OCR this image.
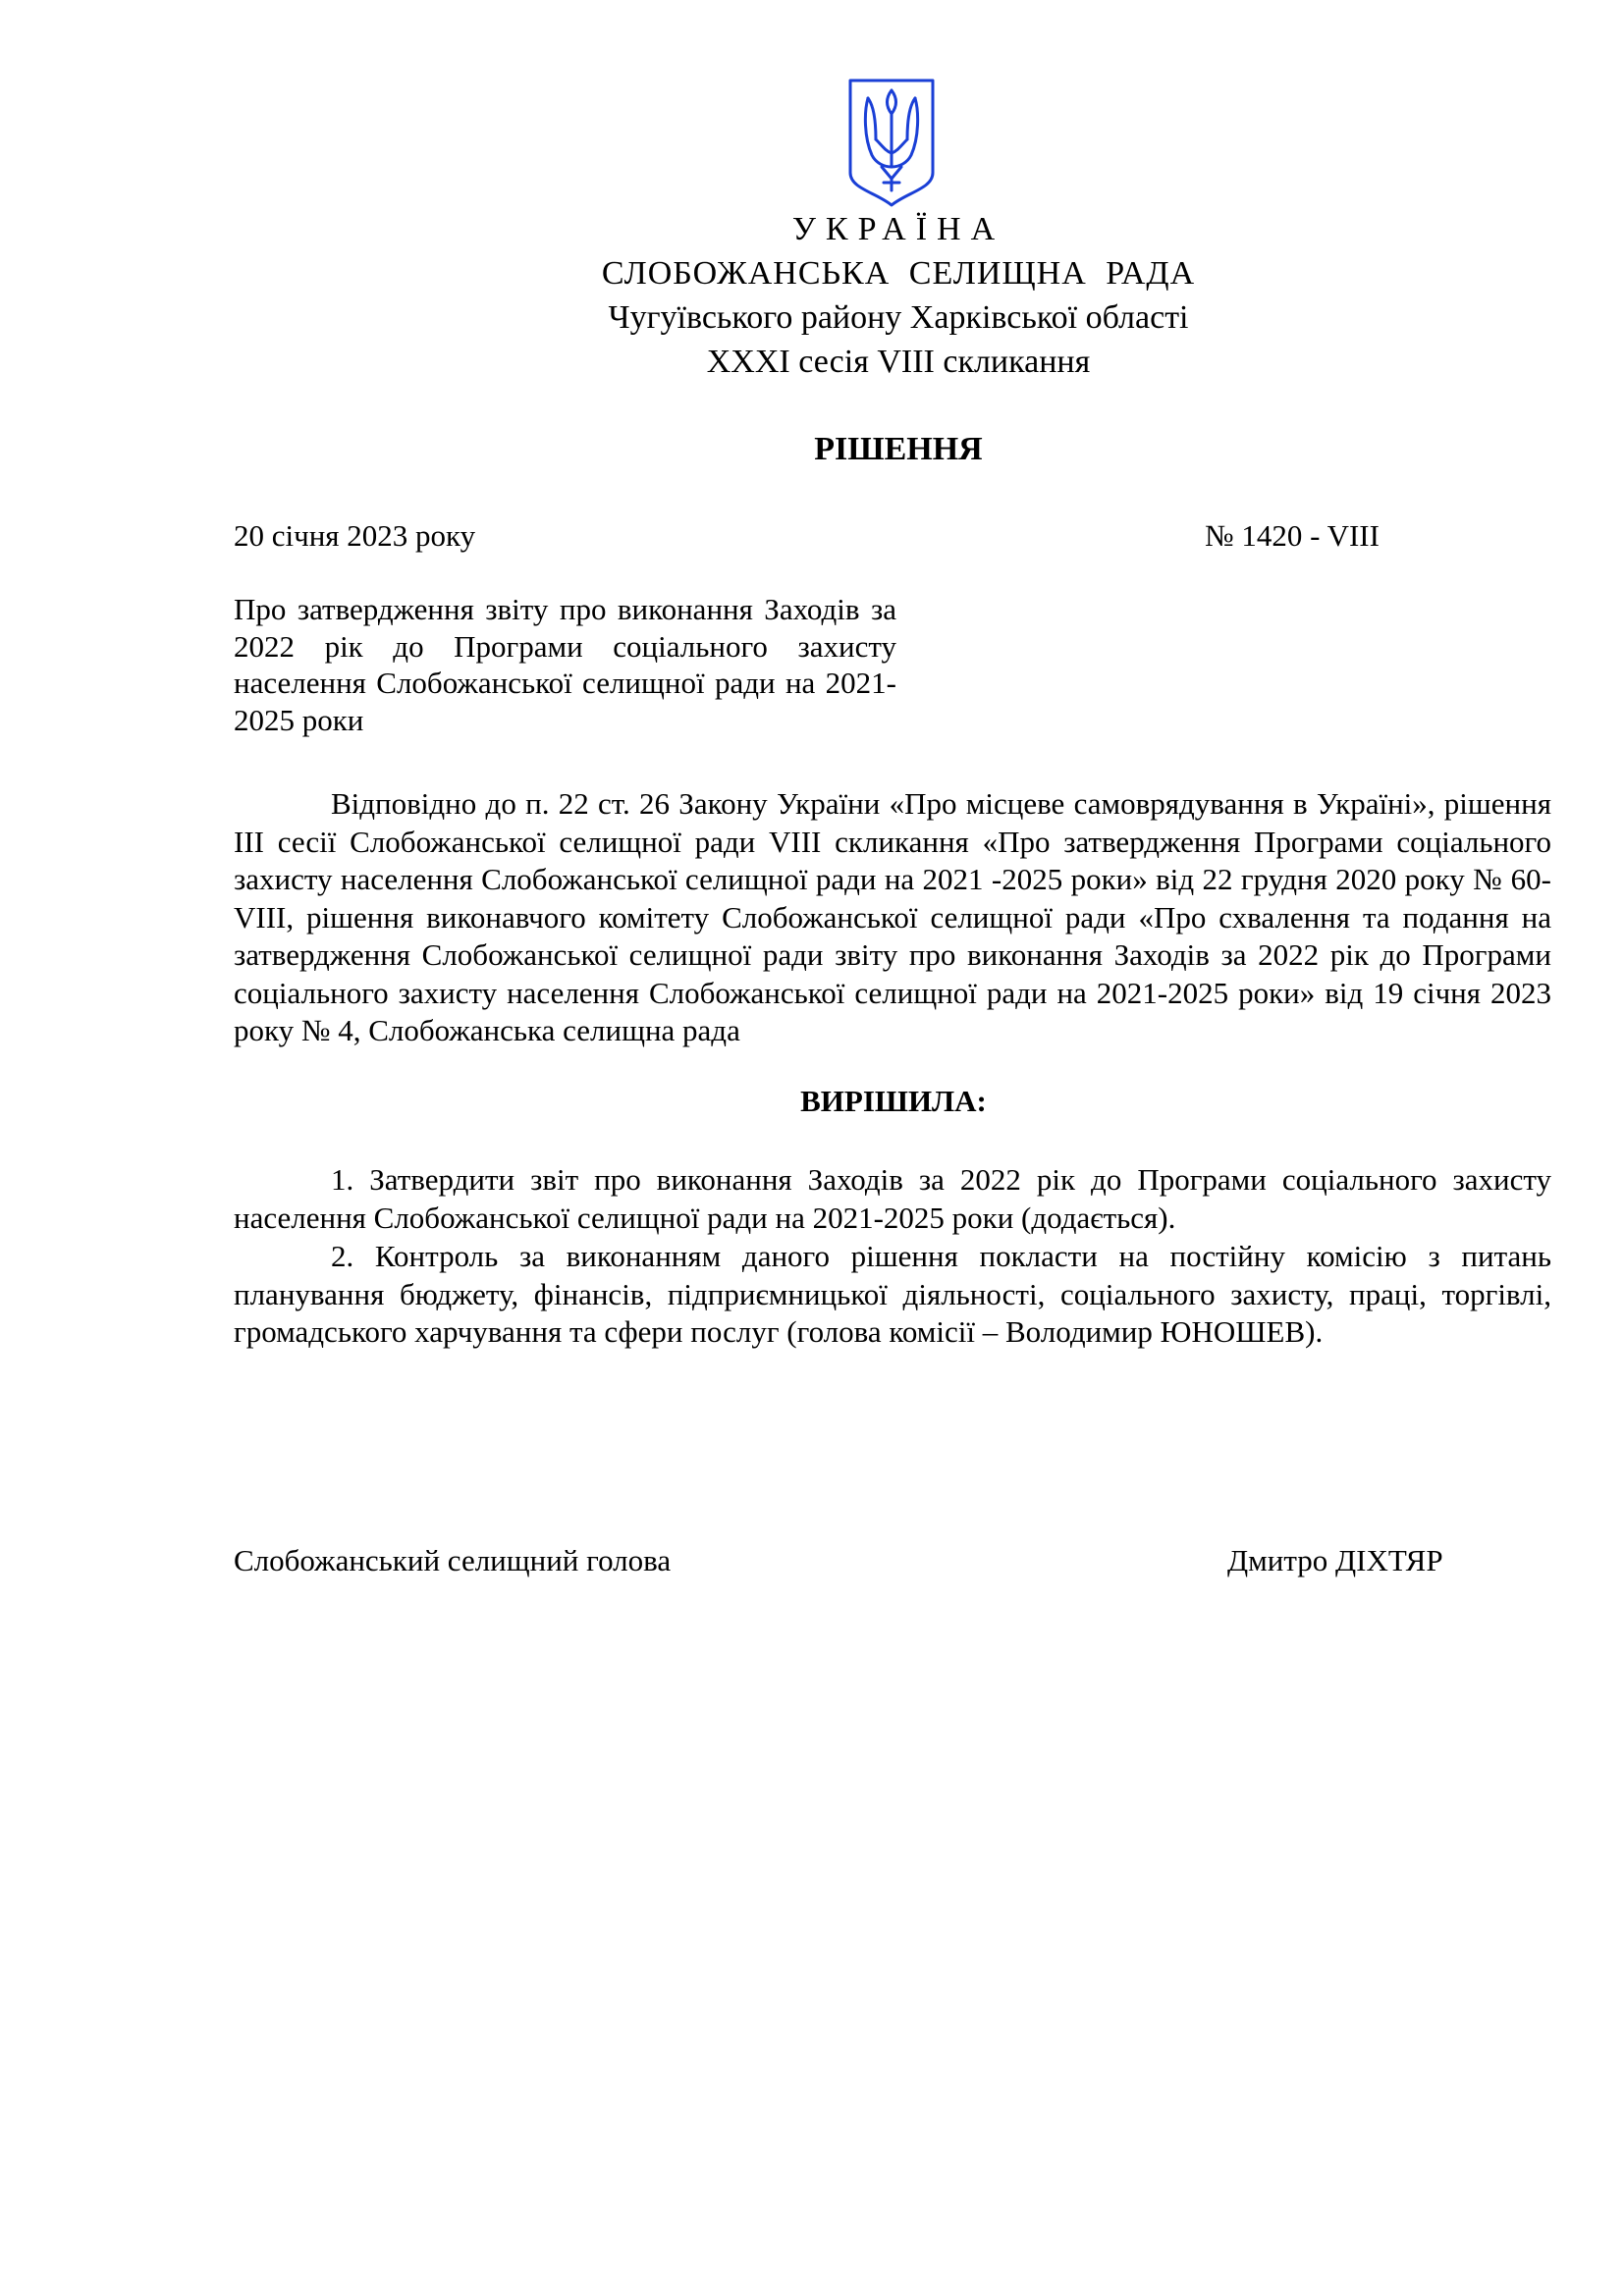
УКРАЇНА
СЛОБОЖАНСЬКА СЕЛИЩНА РАДА
Чугуївського району Харківської області
XXXI сесія VIII скликання
РІШЕННЯ
20 січня 2023 року	№ 1420 - VIII
Про затвердження звіту про виконання Заходів за 2022 рік до Програми соціального захисту населення Слобожанської селищної ради на 2021-2025 роки
Відповідно до п. 22 ст. 26 Закону України «Про місцеве самоврядування в Україні», рішення ІІІ сесії Слобожанської селищної ради VIII скликання «Про затвердження Програми соціального захисту населення Слобожанської селищної ради на 2021 -2025 роки» від 22 грудня 2020 року № 60-VIII, рішення виконавчого комітету Слобожанської селищної ради «Про схвалення та подання на затвердження Слобожанської селищної ради звіту про виконання Заходів за 2022 рік до Програми соціального захисту населення Слобожанської селищної ради на 2021-2025 роки» від 19 січня 2023 року № 4, Слобожанська селищна рада
ВИРІШИЛА:
1. Затвердити звіт про виконання Заходів за 2022 рік до Програми соціального захисту населення Слобожанської селищної ради на 2021-2025 роки (додається).
2. Контроль за виконанням даного рішення покласти на постійну комісію з питань планування бюджету, фінансів, підприємницької діяльності, соціального захисту, праці, торгівлі, громадського харчування та сфери послуг (голова комісії – Володимир ЮНОШЕВ).
Слобожанський селищний голова	Дмитро ДІХТЯР
